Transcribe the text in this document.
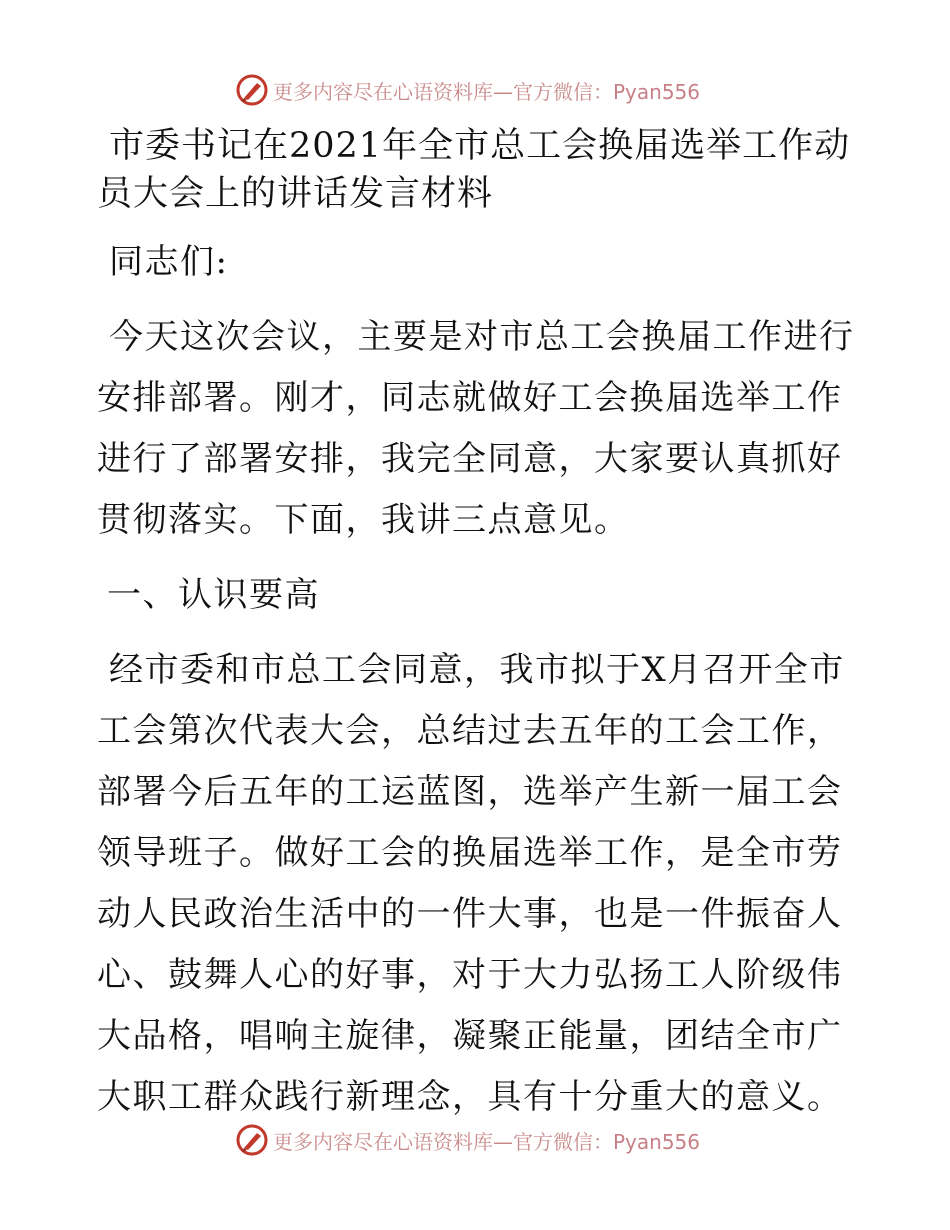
更多内容尽在心语资料库—官方微信：Pyan556
市委书记在2021年全市总工会换届选举工作动员大会上的讲话发言材料
同志们:
今天这次会议，主要是对市总工会换届工作进行安排部署。刚才，同志就做好工会换届选举工作进行了部署安排，我完全同意，大家要认真抓好贯彻落实。下面，我讲三点意见。
一、认识要高
经市委和市总工会同意，我市拟于X月召开全市工会第次代表大会，总结过去五年的工会工作，部署今后五年的工运蓝图，选举产生新一届工会领导班子。做好工会的换届选举工作，是全市劳动人民政治生活中的一件大事，也是一件振奋人心、鼓舞人心的好事，对于大力弘扬工人阶级伟大品格，唱响主旋律，凝聚正能量，团结全市广大职工群众践行新理念，具有十分重大的意义。
更多内容尽在心语资料库—官方微信：Pyan556
